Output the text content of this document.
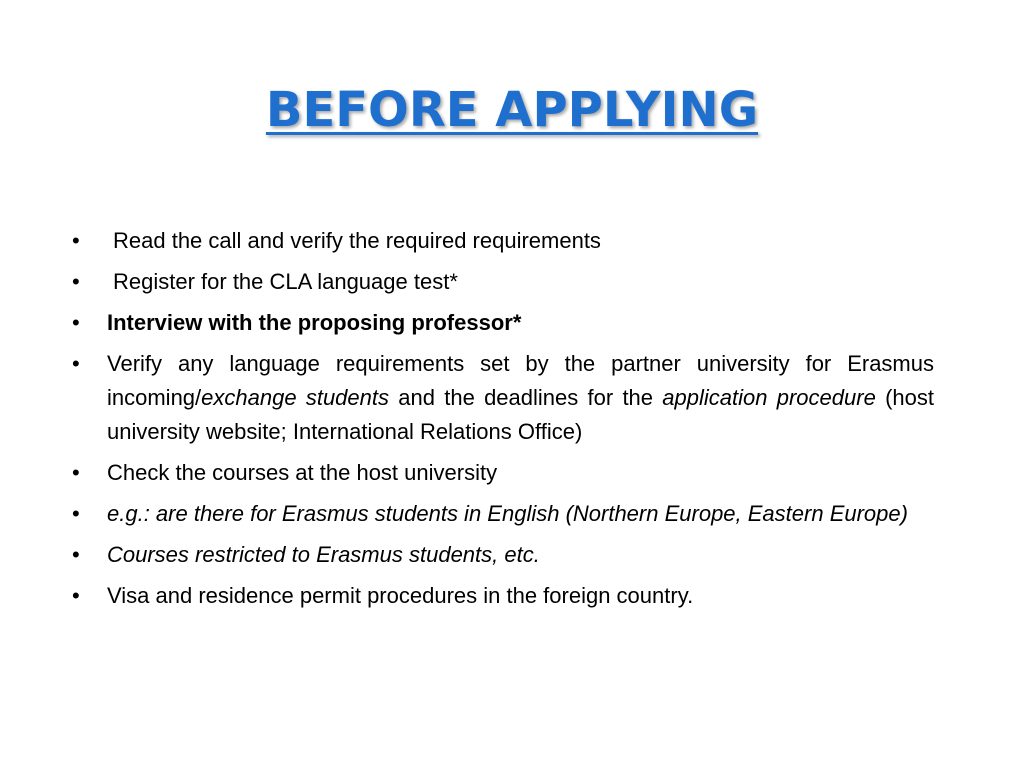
BEFORE APPLYING
•	Read the call and verify the required requirements
•	Register for the CLA language test*
•	Interview with the proposing professor*
•	Verify any language requirements set by the partner university for Erasmus incoming/exchange students and the deadlines for the application procedure (host university website; International Relations Office)
•	Check the courses at the host university
•	e.g.: are there for Erasmus students in English (Northern Europe, Eastern Europe)
•	Courses restricted to Erasmus students, etc.
•	Visa and residence permit procedures in the foreign country.
